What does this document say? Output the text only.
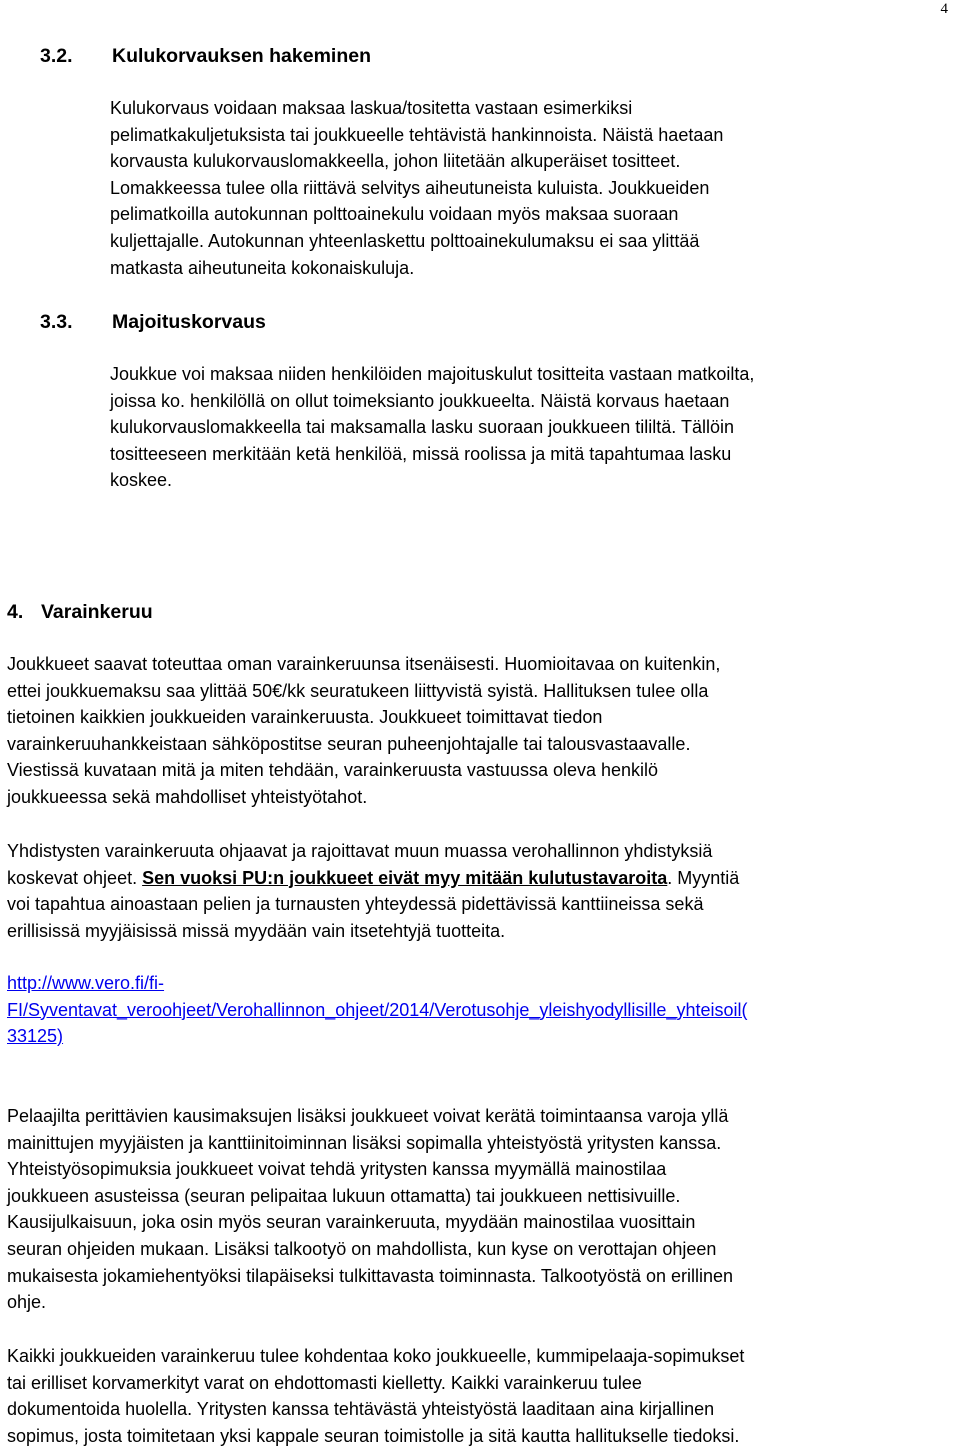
4
3.2. Kulukorvauksen hakeminen
Kulukorvaus voidaan maksaa laskua/tositetta vastaan esimerkiksi
pelimatkakuljetuksista tai joukkueelle tehtävistä hankinnoista. Näistä haetaan
korvausta kulukorvauslomakkeella, johon liitetään alkuperäiset tositteet.
Lomakkeessa tulee olla riittävä selvitys aiheutuneista kuluista. Joukkueiden
pelimatkoilla autokunnan polttoainekulu voidaan myös maksaa suoraan
kuljettajalle. Autokunnan yhteenlaskettu polttoainekulumaksu ei saa ylittää
matkasta aiheutuneita kokonaiskuluja.
3.3. Majoituskorvaus
Joukkue voi maksaa niiden henkilöiden majoituskulut tositteita vastaan matkoilta,
joissa ko. henkilöllä on ollut toimeksianto joukkueelta. Näistä korvaus haetaan
kulukorvauslomakkeella tai maksamalla lasku suoraan joukkueen tililtä. Tällöin
tositteeseen merkitään ketä henkilöä, missä roolissa ja mitä tapahtumaa lasku
koskee.
4. Varainkeruu
Joukkueet saavat toteuttaa oman varainkeruunsa itsenäisesti. Huomioitavaa on kuitenkin,
ettei joukkuemaksu saa ylittää 50€/kk seuratukeen liittyvistä syistä. Hallituksen tulee olla
tietoinen kaikkien joukkueiden varainkeruusta. Joukkueet toimittavat tiedon
varainkeruuhankkeistaan sähköpostitse seuran puheenjohtajalle tai talousvastaavalle.
Viestissä kuvataan mitä ja miten tehdään, varainkeruusta vastuussa oleva henkilö
joukkueessa sekä mahdolliset yhteistyötahot.
Yhdistysten varainkeruuta ohjaavat ja rajoittavat muun muassa verohallinnon yhdistyksiä
koskevat ohjeet. Sen vuoksi PU:n joukkueet eivät myy mitään kulutustavaroita. Myyntiä
voi tapahtua ainoastaan pelien ja turnausten yhteydessä pidettävissä kanttiineissa sekä
erillisissä myyjäisissä missä myydään vain itsetehtyjä tuotteita.
http://www.vero.fi/fi-
FI/Syventavat_veroohjeet/Verohallinnon_ohjeet/2014/Verotusohje_yleishyodyllisille_yhteisoil(
33125)
Pelaajilta perittävien kausimaksujen lisäksi joukkueet voivat kerätä toimintaansa varoja yllä
mainittujen myyjäisten ja kanttiinitoiminnan lisäksi sopimalla yhteistyöstä yritysten kanssa.
Yhteistyösopimuksia joukkueet voivat tehdä yritysten kanssa myymällä mainostilaa
joukkueen asusteissa (seuran pelipaitaa lukuun ottamatta) tai joukkueen nettisivuille.
Kausijulkaisuun, joka osin myös seuran varainkeruuta, myydään mainostilaa vuosittain
seuran ohjeiden mukaan. Lisäksi talkootyö on mahdollista, kun kyse on verottajan ohjeen
mukaisesta jokamiehentyöksi tilapäiseksi tulkittavasta toiminnasta. Talkootyöstä on erillinen
ohje.
Kaikki joukkueiden varainkeruu tulee kohdentaa koko joukkueelle, kummipelaaja-sopimukset
tai erilliset korvamerkityt varat on ehdottomasti kielletty. Kaikki varainkeruu tulee
dokumentoida huolella. Yritysten kanssa tehtävästä yhteistyöstä laaditaan aina kirjallinen
sopimus, josta toimitetaan yksi kappale seuran toimistolle ja sitä kautta hallitukselle tiedoksi.
